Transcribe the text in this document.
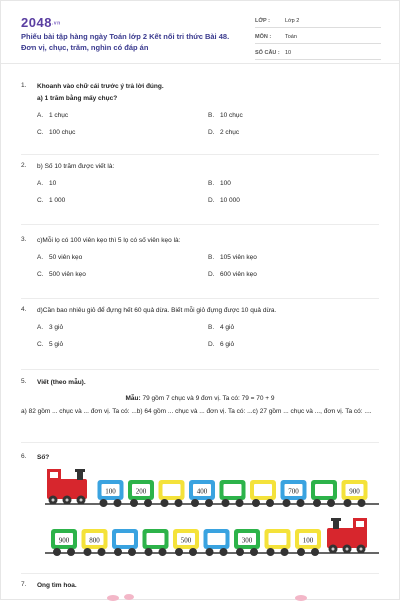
2048.vn
Phiếu bài tập hàng ngày Toán lớp 2 Kết nối tri thức Bài 48.
Đơn vị, chục, trăm, nghìn có đáp án
LỚP :	Lớp 2
MÔN :	Toán
SỐ CÂU : 10
1.	Khoanh vào chữ cái trước ý trả lời đúng.
a) 1 trăm bằng mấy chục?
A. 1 chục	B. 10 chục
C. 100 chục	D. 2 chục
2.	b) Số 10 trăm được viết là:
A. 10	B. 100
C. 1 000	D. 10 000
3.	c)Mỗi lọ có 100 viên kẹo thì 5 lọ có số viên kẹo là:
A. 50 viên kẹo	B. 105 viên kẹo
C. 500 viên kẹo	D. 600 viên kẹo
4.	d)Cần bao nhiêu giỏ để đựng hết 60 quả dừa. Biết mỗi giỏ đựng được 10 quả dừa.
A. 3 giỏ	B. 4 giỏ
C. 5 giỏ	D. 6 giỏ
5.	Viết (theo mẫu).
Mẫu: 79 gồm 7 chục và 9 đơn vị. Ta có: 79 = 70 + 9
a) 82 gồm ... chục và ... đơn vị. Ta có: ...b) 64 gồm ... chục và ... đơn vị. Ta có: ...c) 27 gồm ... chục và ..., đơn vị. Ta có: ....
6.	Số?
100	200	400	700	900
900	800	500	300	100
7.	Ong tìm hoa.
